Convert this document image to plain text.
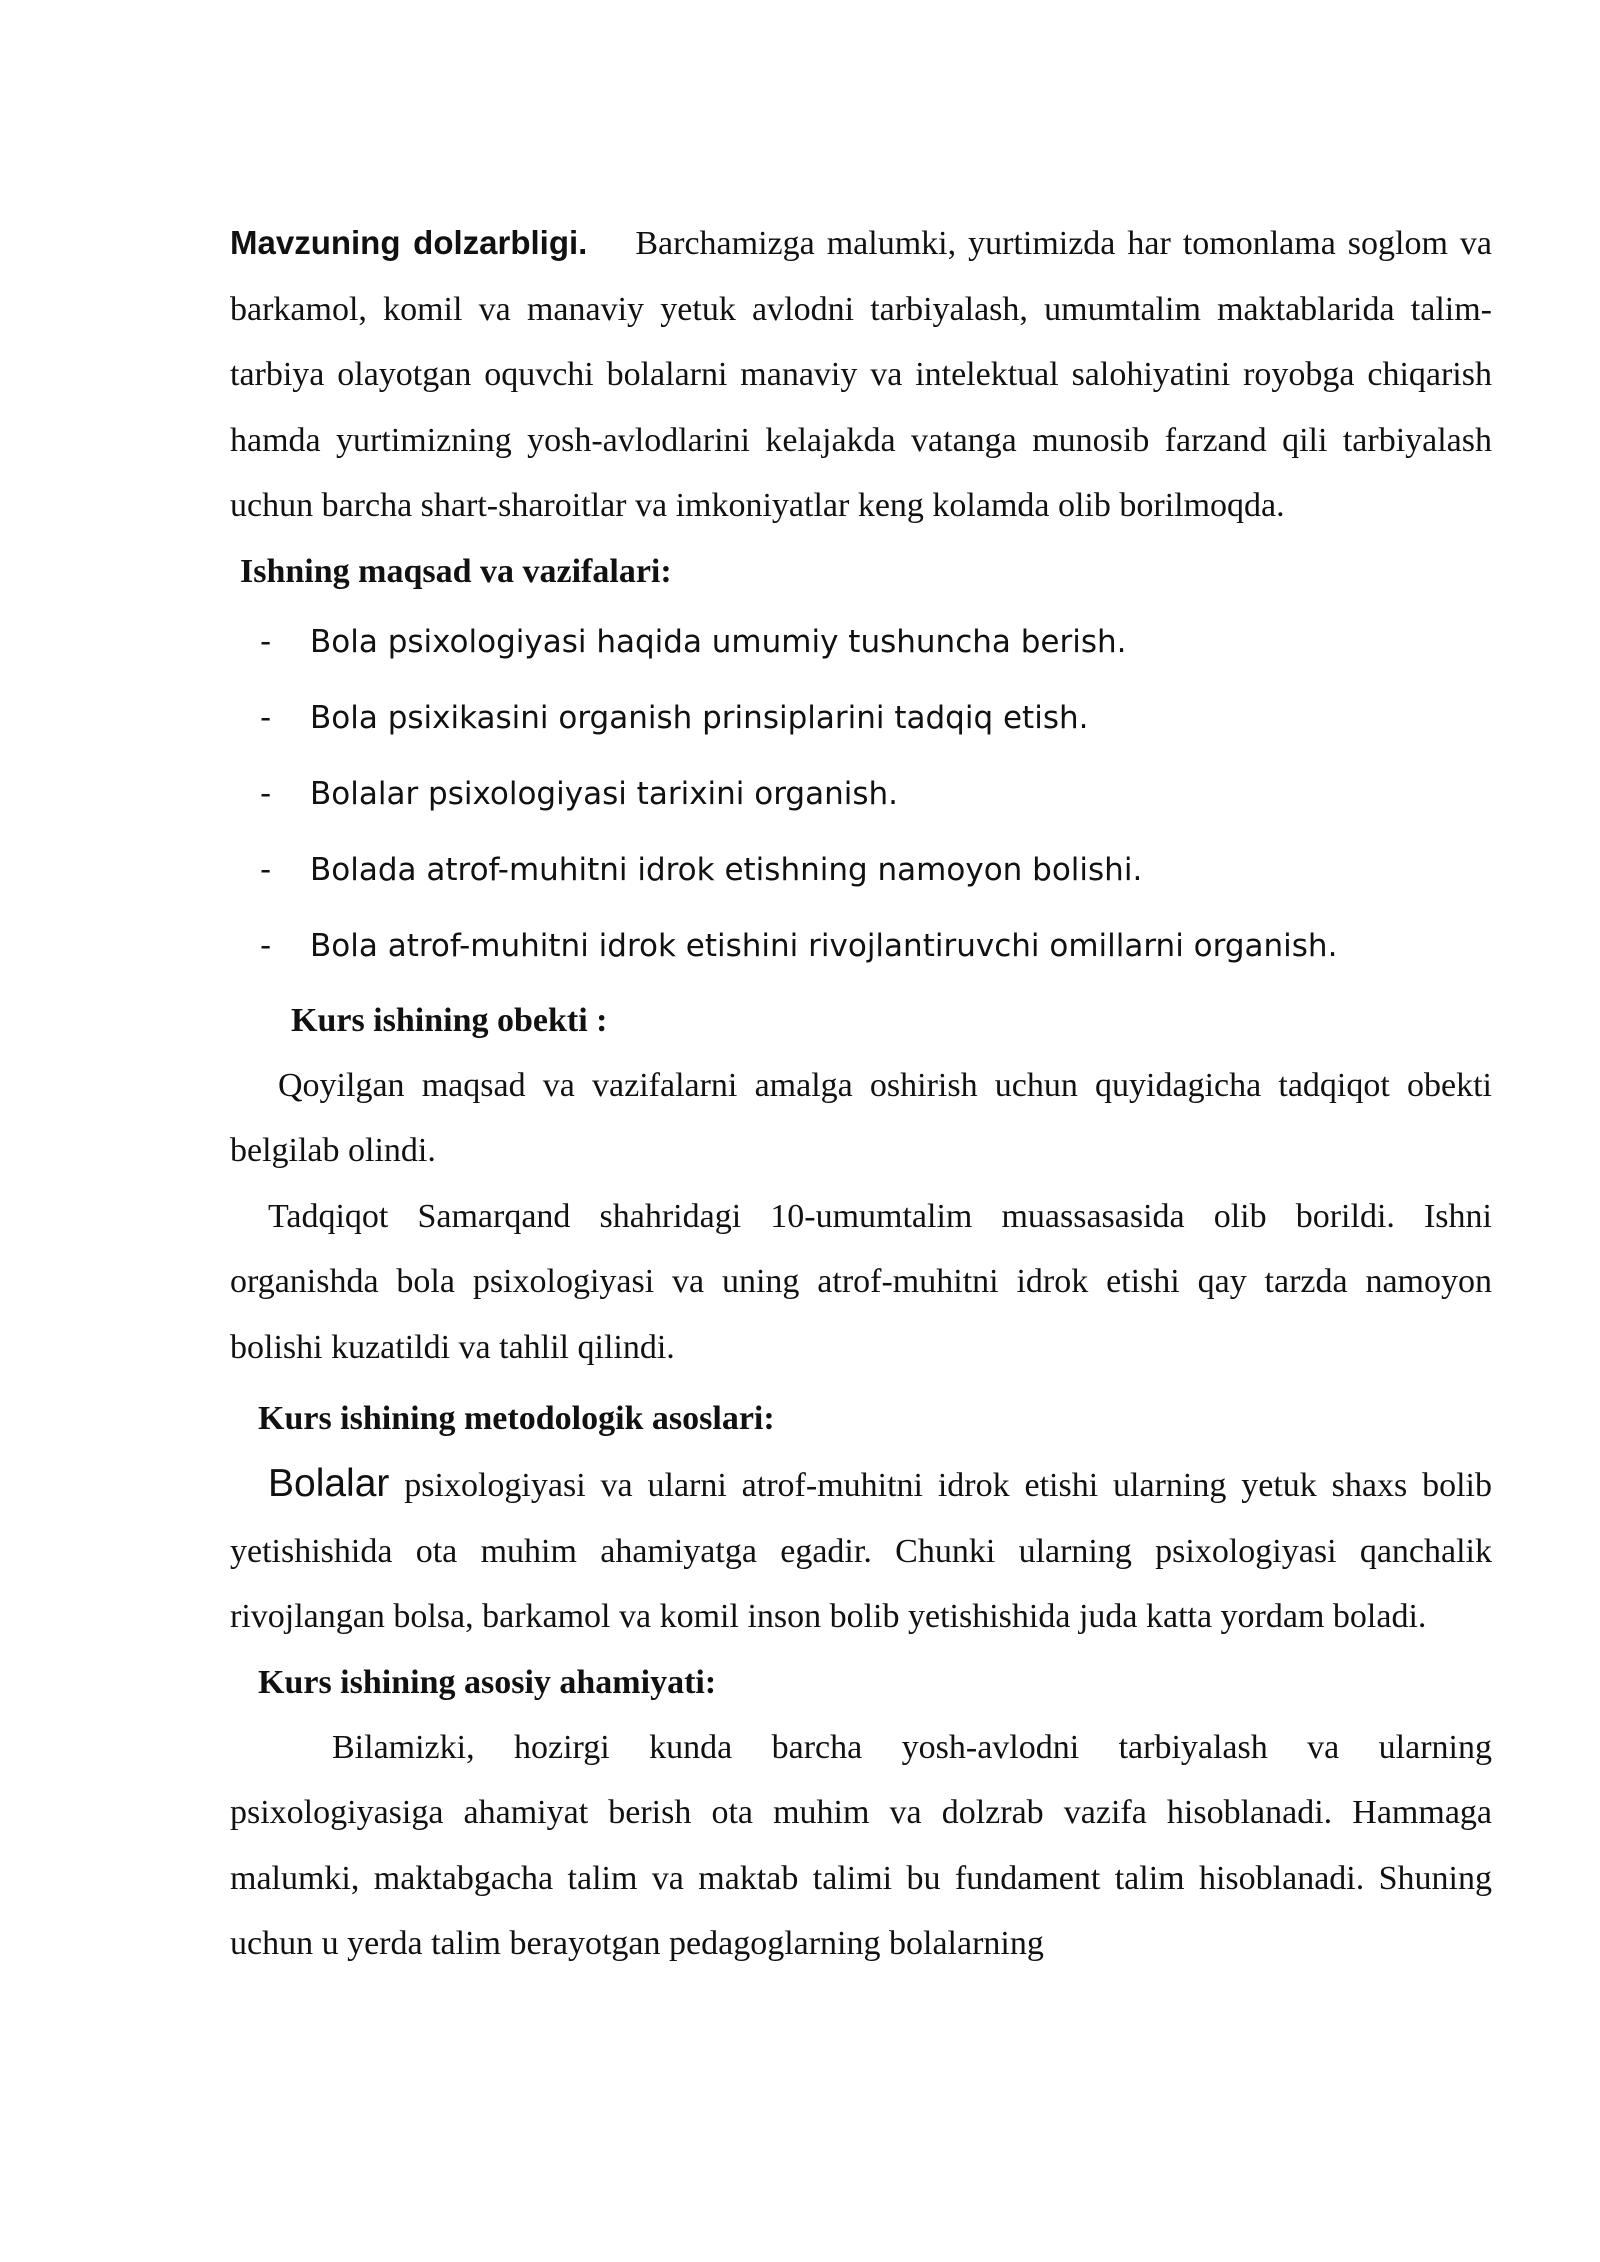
Mavzuning dolzarbligi. Barchamizga malumki, yurtimizda har tomonlama soglom va barkamol, komil va manaviy yetuk avlodni tarbiyalash, umumtalim maktablarida talim-tarbiya olayotgan oquvchi bolalarni manaviy va intelektual salohiyatini royobga chiqarish hamda yurtimizning yosh-avlodlarini kelajakda vatanga munosib farzand qili tarbiyalash uchun barcha shart-sharoitlar va imkoniyatlar keng kolamda olib borilmoqda.

Ishning maqsad va vazifalari:

- Bola psixologiyasi haqida umumiy tushuncha berish.
- Bola psixikasini organish prinsiplarini tadqiq etish.
- Bolalar psixologiyasi tarixini organish.
- Bolada atrof-muhitni idrok etishning namoyon bolishi.
- Bola atrof-muhitni idrok etishini rivojlantiruvchi omillarni organish.

Kurs ishining obekti :

Qoyilgan maqsad va vazifalarni amalga oshirish uchun quyidagicha tadqiqot obekti belgilab olindi.

Tadqiqot Samarqand shahridagi 10-umumtalim muassasasida olib borildi. Ishni organishda bola psixologiyasi va uning atrof-muhitni idrok etishi qay tarzda namoyon bolishi kuzatildi va tahlil qilindi.

Kurs ishining metodologik asoslari:

Bolalar psixologiyasi va ularni atrof-muhitni idrok etishi ularning yetuk shaxs bolib yetishishida ota muhim ahamiyatga egadir. Chunki ularning psixologiyasi qanchalik rivojlangan bolsa, barkamol va komil inson bolib yetishishida juda katta yordam boladi.

Kurs ishining asosiy ahamiyati:

Bilamizki, hozirgi kunda barcha yosh-avlodni tarbiyalash va ularning psixologiyasiga ahamiyat berish ota muhim va dolzrab vazifa hisoblanadi. Hammaga malumki, maktabgacha talim va maktab talimi bu fundament talim hisoblanadi. Shuning uchun u yerda talim berayotgan pedagoglarning bolalarning
